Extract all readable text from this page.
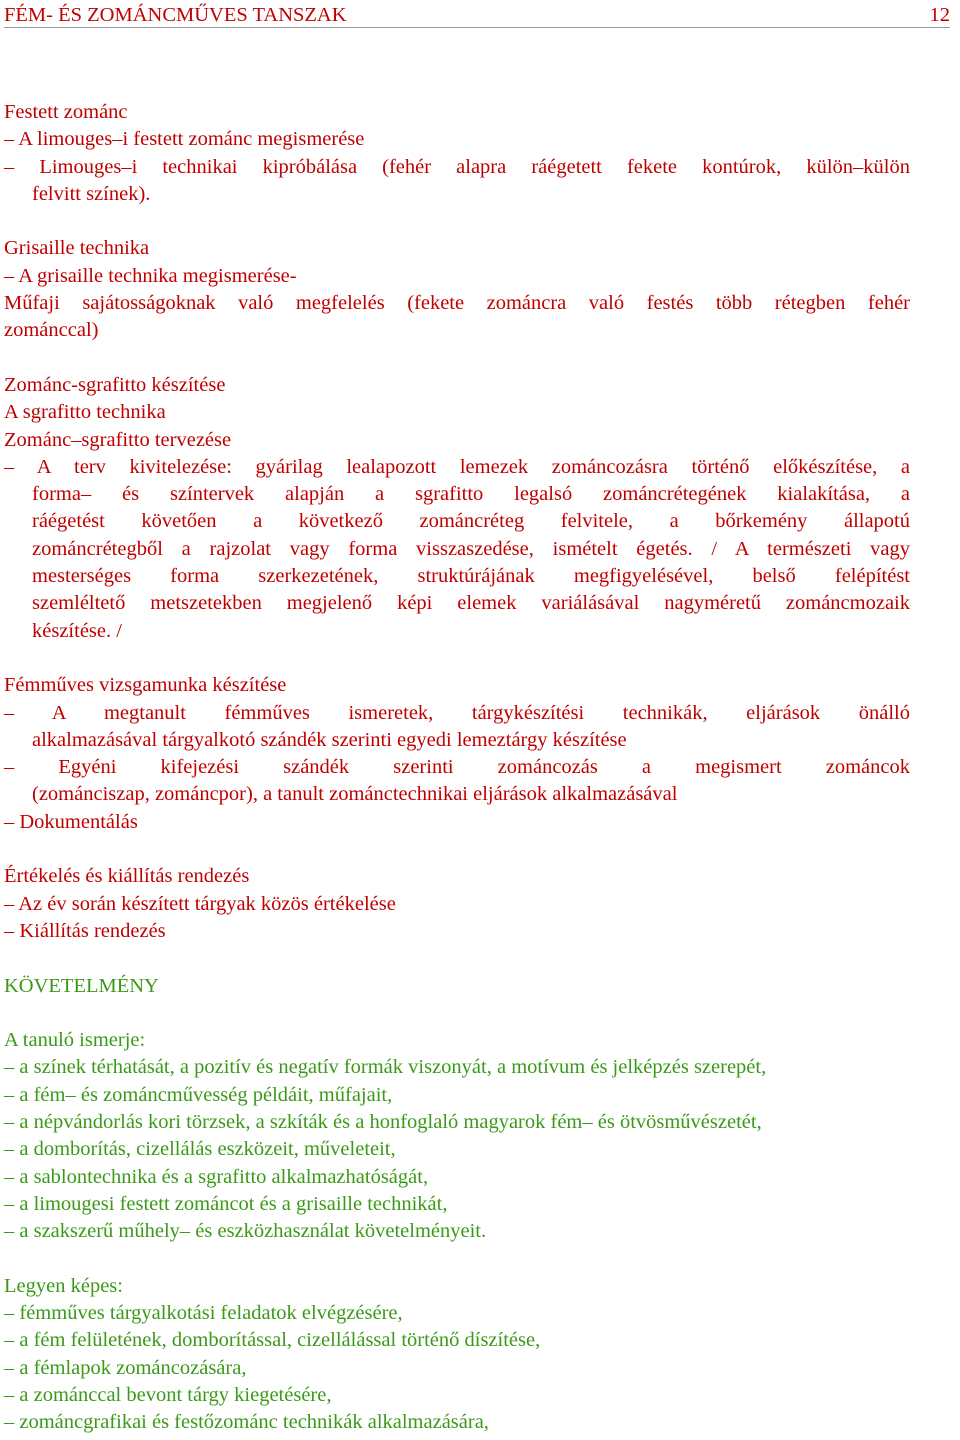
FÉM- ÉS ZOMÁNCMŰVES TANSZAK	12
Festett zománc
– A limouges–i festett zománc megismerése
– Limouges–i technikai kipróbálása (fehér alapra ráégetett fekete kontúrok, külön–külön
felvitt színek).
Grisaille technika
– A grisaille technika megismerése-
Műfaji sajátosságoknak való megfelelés (fekete zománcra való festés több rétegben fehér
zománccal)
Zománc-sgrafitto készítése
A sgrafitto technika
Zománc–sgrafitto tervezése
– A terv kivitelezése: gyárilag lealapozott lemezek zománcozásra történő előkészítése, a
forma– és színtervek alapján a sgrafitto legalsó zománcrétegének kialakítása, a
ráégetést követően a következő zománcréteg felvitele, a bőrkemény állapotú
zománcrétegből a rajzolat vagy forma visszaszedése, ismételt égetés. / A természeti vagy
mesterséges forma szerkezetének, struktúrájának megfigyelésével, belső felépítést
szemléltető metszetekben megjelenő képi elemek variálásával nagyméretű zománcmozaik
készítése. /
Fémműves vizsgamunka készítése
– A megtanult fémműves ismeretek, tárgykészítési technikák, eljárások önálló
alkalmazásával tárgyalkotó szándék szerinti egyedi lemeztárgy készítése
– Egyéni kifejezési szándék szerinti zománcozás a megismert zománcok
(zománciszap, zománcpor), a tanult zománctechnikai eljárások alkalmazásával
– Dokumentálás
Értékelés és kiállítás rendezés
– Az év során készített tárgyak közös értékelése
– Kiállítás rendezés
KÖVETELMÉNY
A tanuló ismerje:
– a színek térhatását, a pozitív és negatív formák viszonyát, a motívum és jelképzés szerepét,
– a fém– és zománcművesség példáit, műfajait,
– a népvándorlás kori törzsek, a szkíták és a honfoglaló magyarok fém– és ötvösművészetét,
– a domborítás, cizellálás eszközeit, műveleteit,
– a sablontechnika és a sgrafitto alkalmazhatóságát,
– a limougesi festett zománcot és a grisaille technikát,
– a szakszerű műhely– és eszközhasználat követelményeit.
Legyen képes:
– fémműves tárgyalkotási feladatok elvégzésére,
– a fém felületének, domborítással, cizellálással történő díszítése,
– a fémlapok zománcozására,
– a zománccal bevont tárgy kiegetésére,
– zománcgrafikai és festőzománc technikák alkalmazására,
